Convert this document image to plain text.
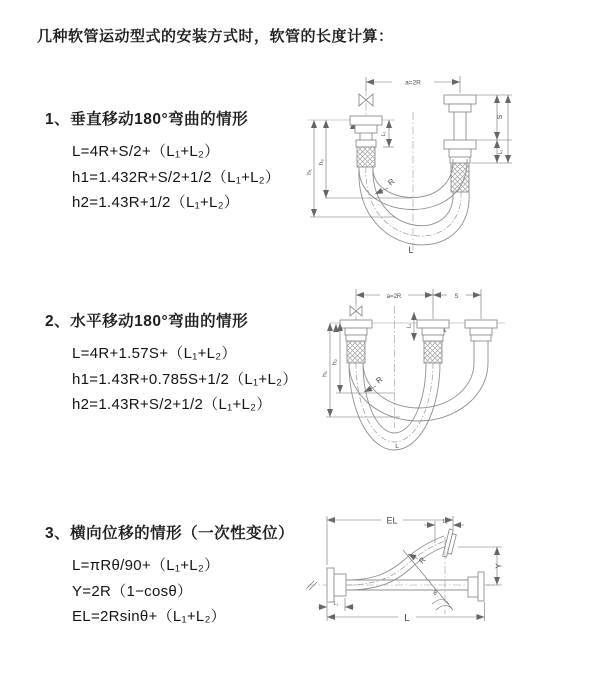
几种软管运动型式的安装方式时，软管的长度计算：
1、垂直移动180°弯曲的情形

L=4R+S/2+（L₁+L₂）

h1=1.432R+S/2+1/2（L₁+L₂）

h2=1.43R+1/2（L₁+L₂）

2、水平移动180°弯曲的情形

L=4R+1.57S+（L₁+L₂）

h1=1.43R+0.785S+1/2（L₁+L₂）

h2=1.43R+S/2+1/2（L₁+L₂）

3、横向位移的情形（一次性变位）

L=πRθ/90+（L₁+L₂）

Y=2R（1−cosθ）

EL=2Rsinθ+（L₁+L₂）

a=2R
L₁
S
L₁
h₁
h₂
R
L
a=2R	S
L₁
h₁
h₂
R
L
EL	L₁
Y
θ
R
L
L₁
